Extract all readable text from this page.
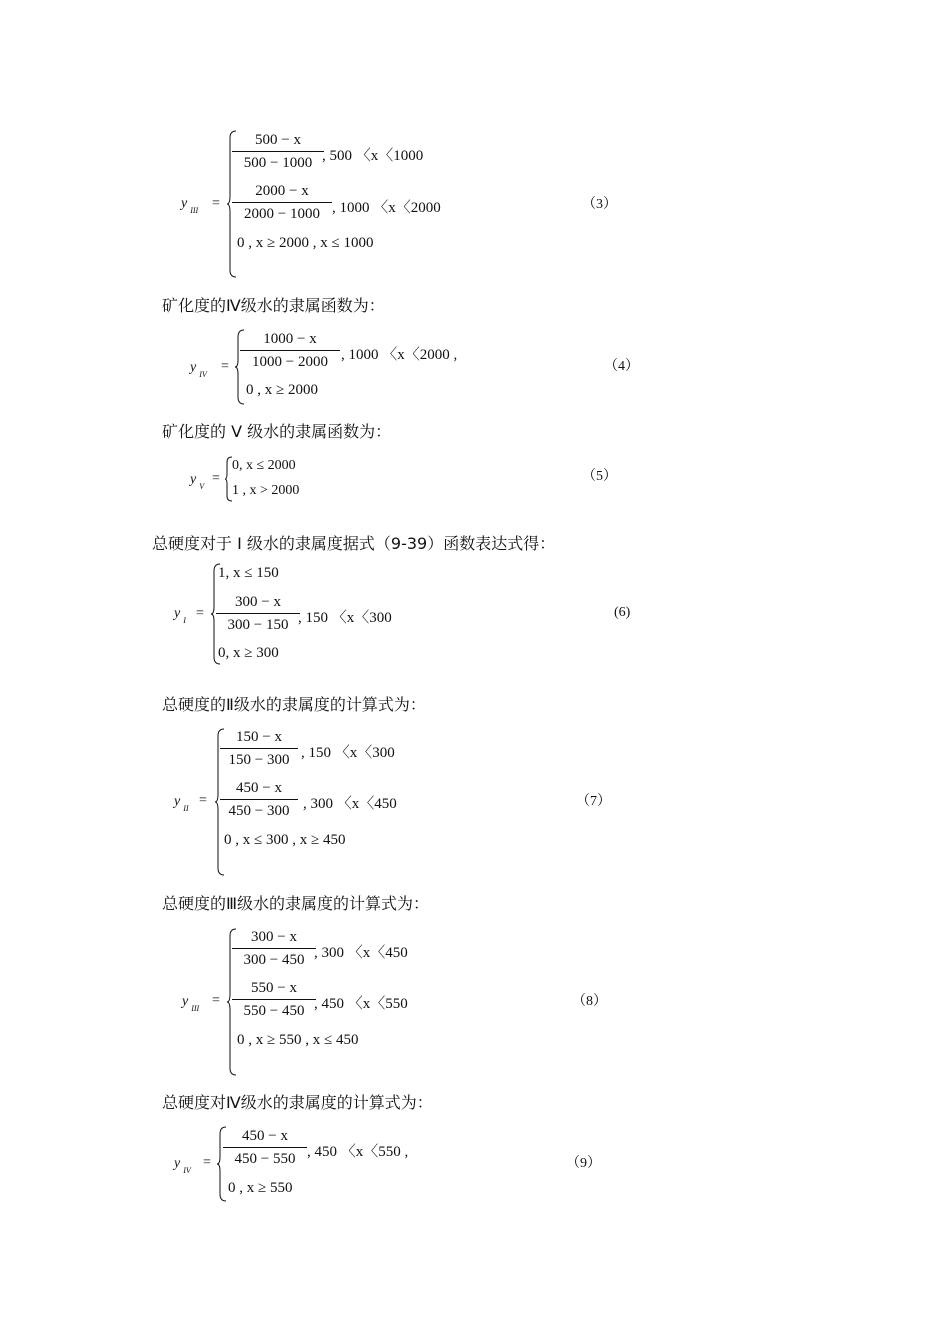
y $_{III}$ =
$\frac{500 - x}{500 - 1000}$
, 500 〈x〈1000
$\frac{2000 - x}{2000 - 1000}$ , 1000 〈x〈2000
0 , x ≥ 2000 , x ≤ 1000
（3）
矿化度的Ⅳ级水的隶属函数为：
y $_{IV}$
= $\frac{1000 - x}{1000 - 2000}$ , 1000 〈x〈2000 ,
0 , x ≥ 2000
（4）
矿化度的 V 级水的隶属函数为：
y $_V$
=
0, x ≤ 2000
1 , x > 2000
（5）
总硬度对于 I 级水的隶属度据式（9-39）函数表达式得：
y $_I$ =
1, x ≤ 150
$\frac{300 - x}{300 - 150}$
, 150 〈x〈300
0, x ≥ 300
(6)
总硬度的Ⅱ级水的隶属度的计算式为：
y $_{II}$
=
$\frac{150 - x}{150 - 300}$ , 150 〈x〈300
$\frac{450 - x}{450 - 300}$ , 300 〈x〈450
0 , x ≤ 300 , x ≥ 450
（7）
总硬度的Ⅲ级水的隶属度的计算式为：
y $_{III}$
=
$\frac{300 - x}{300 - 450}$
, 300 〈x〈450
$\frac{550 - x}{550 - 450}$
, 450 〈x〈550
0 , x ≥ 550 , x ≤ 450
（8）
总硬度对Ⅳ级水的隶属度的计算式为：
y $_{IV}$
= $\frac{450 - x}{450 - 550}$ , 450 〈x〈550 ,
0 , x ≥ 550
（9）
